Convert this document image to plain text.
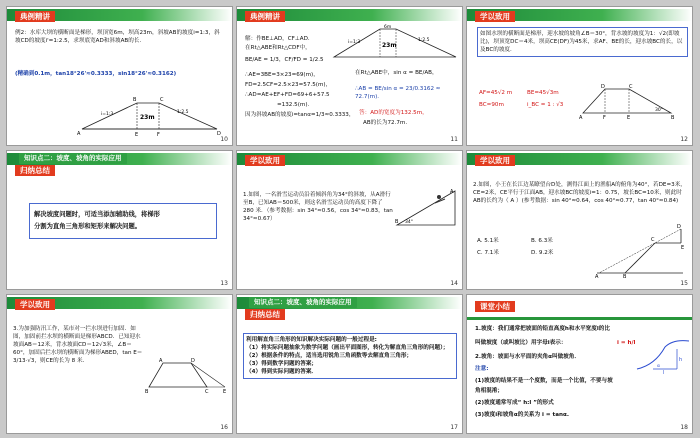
典例精讲
例2：水库大坝的横断面是梯形，坝顶宽6m，坝高23m，斜坡AB的坡度i=1:3，斜坡CD的坡度i'=1:2.5，求坝底宽AD和斜坡AB的长.
(精确到0.1m，tan18°26'≈0.3333，sin18°26'≈0.3162)
A
B	C
D
E	F
23m
i=1:3	1:2.5
10
典例精讲
23m
6m
i=1:3	1:2.5
解：作BE⊥AD，CF⊥AD.
在Rt△ABE和Rt△CDF中，
BE/AE = 1/3，CF/FD = 1/2.5
∴AE=3BE=3×23=69(m)，
FD=2.5CF=2.5×23=57.5(m)，
∴AD=AE+EF+FD=69+6+57.5
=132.5(m).
因为斜坡AB的坡度i=tanα=1/3≈0.3333，
在Rt△ABE中，sin α = BE/AB，
∴AB = BE/sin α = 23/0.3162 ≈ 72.7(m).
答：AD的宽度为132.5m，
AB的长为72.7m.
11
学以致用
如图水坝的横断面是梯形，迎水坡的坡角∠B＝30°，背水坡的坡度为1：√2(即坡比)，坝顶宽DC＝4米，坝高CE(DF)为45米，求AF、BE的长，迎水坡BC的长，以及BC的坡度.
AF=45√2 m	BE=45√3m
BC=90m	i_BC = 1 : √3
A
D	C
B
F	E
30°
12
知识点二：坡度、坡角的实际应用
归纳总结
解决坡度问题时，可适当添加辅助线，将梯形
分割为直角三角形和矩形来解决问题。
13
学以致用
1.如图，一名滑雪运动员沿着倾斜角为34°的斜坡，从A滑行至B，已知AB＝500米，则这名滑雪运动员的高度下降了 280 米．（参考数据：sin 34°≈0.56，cos 34°≈0.83，tan 34°≈0.67）	B
A
34°
14
学以致用
2.如图，小王在长江边某瞭望台D处，测得江面上的渔船A的俯角为40°，若DE=3米，CE=2米，CE平行于江面AB，迎水坡BC的坡度i=1：0.75，坡长BC=10米，则此时AB的长约为（ A ）(参考数据：sin 40°≈0.64，cos 40°≈0.77，tan 40°≈0.84)
A. 5.1米	B. 6.3米
C. 7.1米	D. 9.2米
A	B
C
D
E
15
学以致用
3.为加强防汛工作，某市对一拦水坝进行加固．如图，加固前拦水坝的横断面是梯形ABCD．已知迎水坡面AB＝12米，背水坡面CD＝12√3米，∠B＝60°，加固后拦水坝的横断面为梯形ABED，tan E＝3/13·√3，则CE的长为 8 米．
B
A	D
C	E
16
知识点二：坡度、坡角的实际应用
归纳总结
利用解直角三角形的知识解决实际问题的一般过程是:
（1）将实际问题抽象为数学问题（画出平面图形，转化为解直角三角形的问题）；
（2）根据条件的特点，适当选用锐角三角函数等去解直角三角形；
（3）得到数学问题的答案；
（4）得到实际问题的答案．
17
课堂小结
1.坡度：我们通常把坡面的铅直高度h和水平宽度l的比
叫做坡度（或叫坡比）用字母i表示：	i = h/l
2.坡角：坡面与水平面的夹角α叫做坡角．
注意:
(1)坡度的结果不是一个度数，而是一个比值，不要与坡
角相混淆；
(2)坡度通常写成“ h:l ”的形式
(3)坡度i和坡角α的关系为 i = tanα.
h
l
α
18
